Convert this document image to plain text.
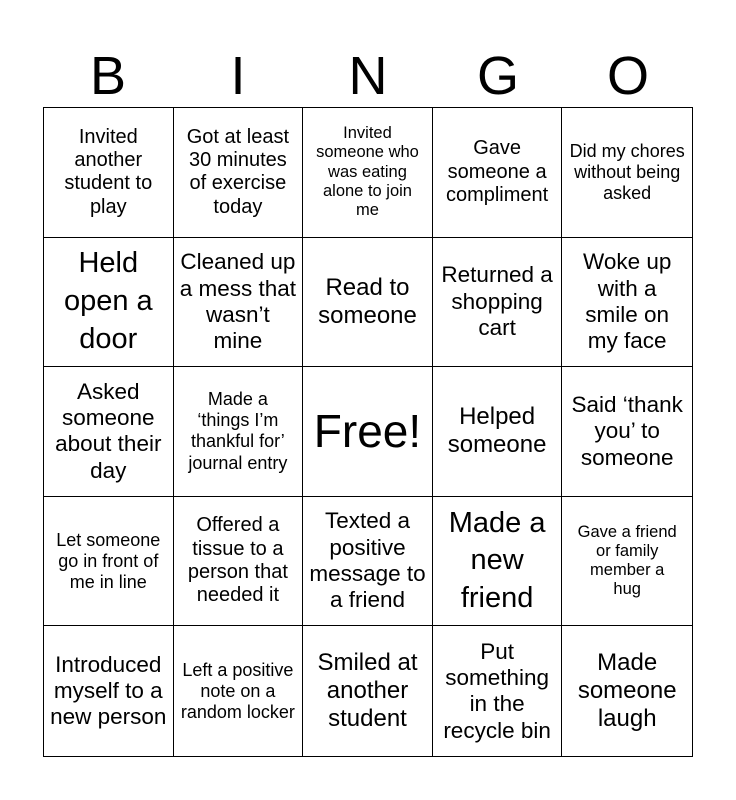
B	I	N	G	O
Invited another student to play
Got at least 30 minutes of exercise today
Invited someone who was eating alone to join me
Gave someone a compliment
Did my chores without being asked
Held open a door
Cleaned up a mess that wasn’t mine
Read to someone
Returned a shopping cart
Woke up with a smile on my face
Asked someone about their day
Made a ‘things I’m thankful for’ journal entry
Free!	Helped someone
Said ‘thank you’ to someone
Let someone go in front of me in line
Offered a tissue to a person that needed it
Texted a positive message to a friend
Made a new friend
Gave a friend or family member a hug
Introduced myself to a new person
Left a positive note on a random locker
Smiled at another student
Put something in the recycle bin
Made someone laugh
